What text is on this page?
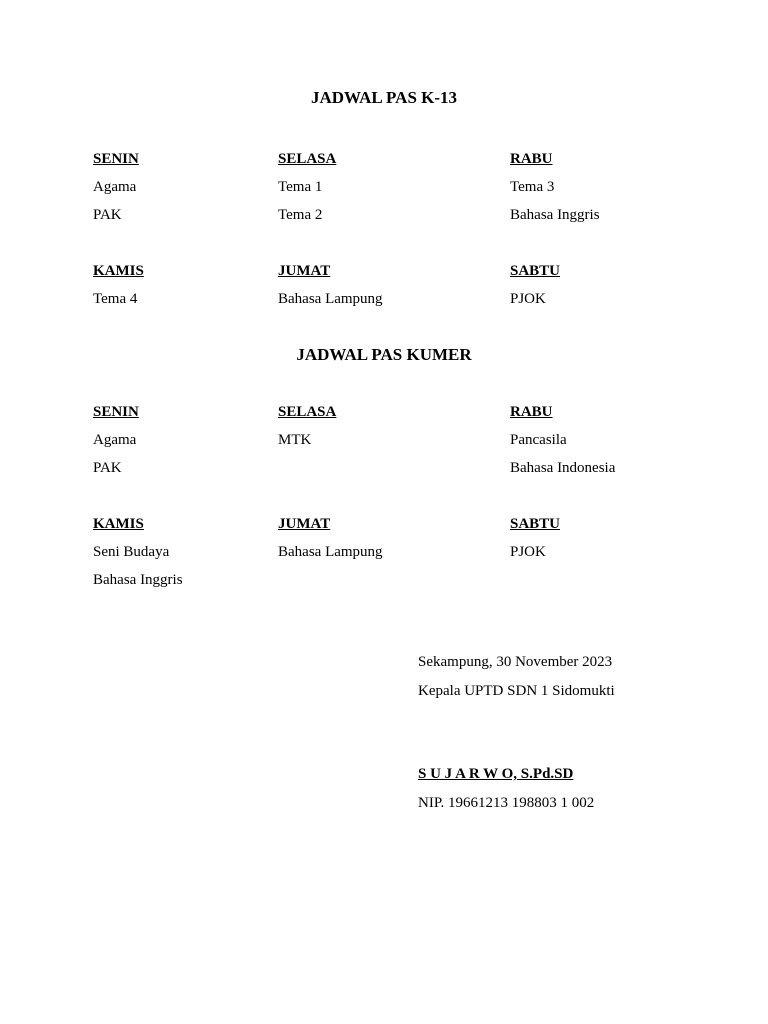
JADWAL PAS K-13
SENIN
Agama
PAK
SELASA
Tema 1
Tema 2
RABU
Tema 3
Bahasa Inggris
KAMIS
Tema 4
JUMAT
Bahasa Lampung
SABTU
PJOK
JADWAL PAS KUMER
SENIN
Agama
PAK
SELASA
MTK
RABU
Pancasila
Bahasa Indonesia
KAMIS
Seni Budaya
Bahasa Inggris
JUMAT
Bahasa Lampung
SABTU
PJOK
Sekampung, 30 November 2023
Kepala UPTD SDN 1 Sidomukti
S U J A R W O, S.Pd.SD
NIP. 19661213 198803 1 002
